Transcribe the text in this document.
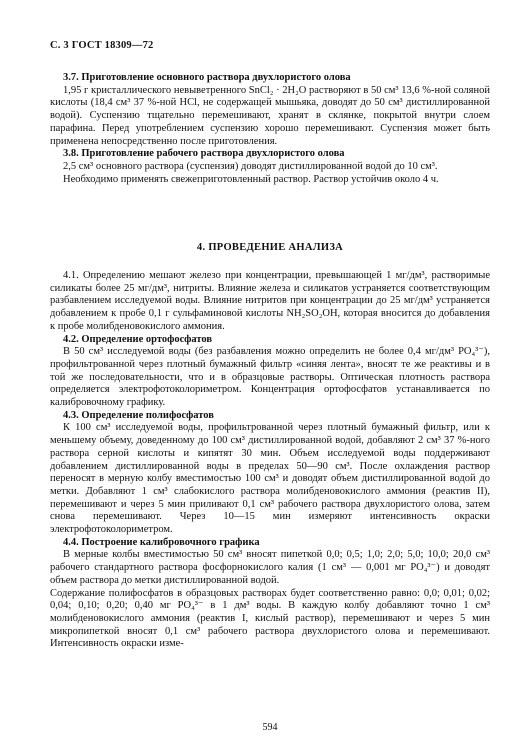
С. 3 ГОСТ 18309—72

3.7. Приготовление основного раствора двухлористого олова

1,95 г кристаллического невыветренного SnCl₂ · 2H₂O растворяют в 50 см³ 13,6 %-ной соляной кислоты (18,4 см³ 37 %-ной HCl, не содержащей мышьяка, доводят до 50 см³ дистиллированной водой). Суспензию тщательно перемешивают, хранят в склянке, покрытой внутри слоем парафина. Перед употреблением суспензию хорошо перемешивают. Суспензия может быть применена непосредственно после приготовления.

3.8. Приготовление рабочего раствора двухлористого олова

2,5 см³ основного раствора (суспензия) доводят дистиллированной водой до 10 см³.

Необходимо применять свежеприготовленный раствор. Раствор устойчив около 4 ч.

4. ПРОВЕДЕНИЕ АНАЛИЗА

4.1. Определению мешают железо при концентрации, превышающей 1 мг/дм³, растворимые силикаты более 25 мг/дм³, нитриты. Влияние железа и силикатов устраняется соответствующим разбавлением исследуемой воды. Влияние нитритов при концентрации до 25 мг/дм³ устраняется добавлением к пробе 0,1 г сульфаминовой кислоты NH₂SO₂OH, которая вносится до добавления к пробе молибденовокислого аммония.

4.2. Определение ортофосфатов

В 50 см³ исследуемой воды (без разбавления можно определить не более 0,4 мг/дм³ PO₄³⁻), профильтрованной через плотный бумажный фильтр «синяя лента», вносят те же реактивы и в той же последовательности, что и в образцовые растворы. Оптическая плотность раствора определяется электрофотоколориметром. Концентрация ортофосфатов устанавливается по калибровочному графику.

4.3. Определение полифосфатов

К 100 см³ исследуемой воды, профильтрованной через плотный бумажный фильтр, или к меньшему объему, доведенному до 100 см³ дистиллированной водой, добавляют 2 см³ 37 %-ного раствора серной кислоты и кипятят 30 мин. Объем исследуемой воды поддерживают добавлением дистиллированной воды в пределах 50—90 см³. После охлаждения раствор переносят в мерную колбу вместимостью 100 см³ и доводят объем дистиллированной водой до метки. Добавляют 1 см³ слабокислого раствора молибденовокислого аммония (реактив II), перемешивают и через 5 мин приливают 0,1 см³ рабочего раствора двухлористого олова, затем снова перемешивают. Через 10—15 мин измеряют интенсивность окраски электрофотоколориметром.

4.4. Построение калибровочного графика

В мерные колбы вместимостью 50 см³ вносят пипеткой 0,0; 0,5; 1,0; 2,0; 5,0; 10,0; 20,0 см³ рабочего стандартного раствора фосфорнокислого калия (1 см³ — 0,001 мг PO₄³⁻) и доводят объем раствора до метки дистиллированной водой.

Содержание полифосфатов в образцовых растворах будет соответственно равно: 0,0; 0,01; 0,02; 0,04; 0,10; 0,20; 0,40 мг PO₄³⁻ в 1 дм³ воды. В каждую колбу добавляют точно 1 см³ молибденовокислого аммония (реактив I, кислый раствор), перемешивают и через 5 мин микропипеткой вносят 0,1 см³ рабочего раствора двухлористого олова и перемешивают. Интенсивность окраски изме-

594
